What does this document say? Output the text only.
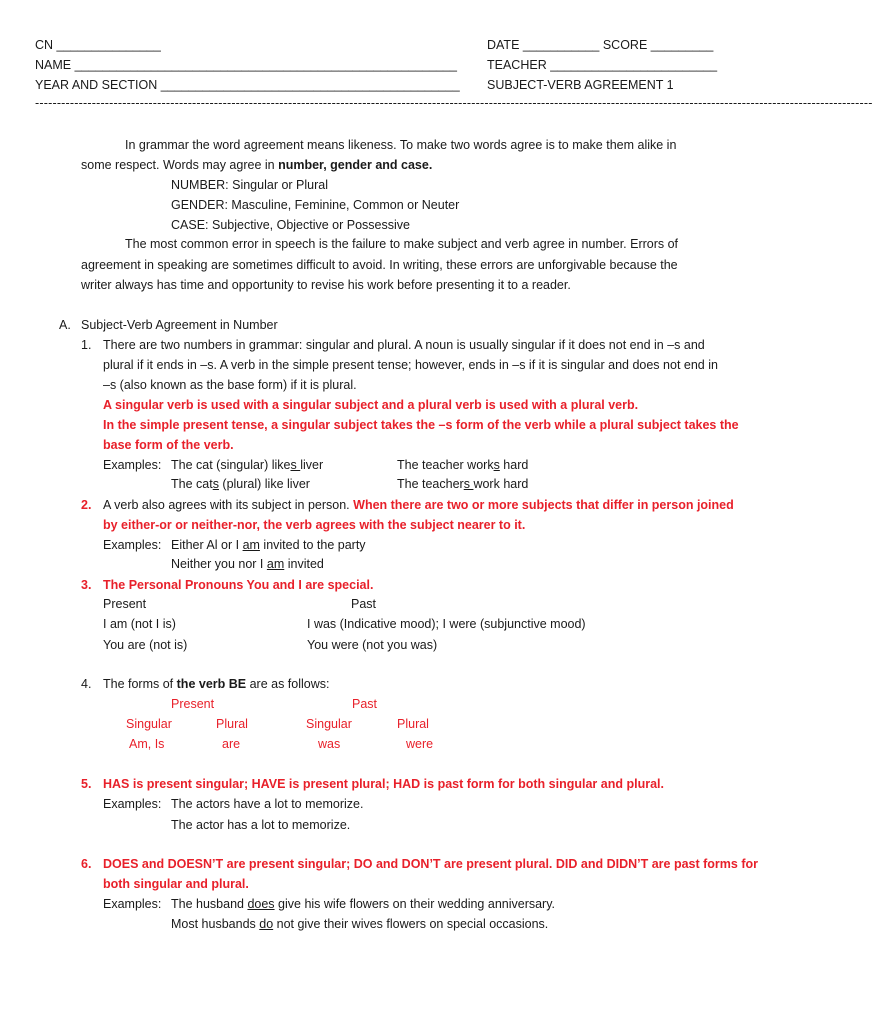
CN _______________
NAME _______________________________________________________
YEAR AND SECTION ___________________________________________
DATE ___________ SCORE _________
TEACHER ________________________
SUBJECT-VERB AGREEMENT 1
------------------------------------------------------------------------------------------------------------------------------------------------------------------------------------------------
In grammar the word agreement means likeness. To make two words agree is to make them alike in
some respect. Words may agree in number, gender and case.
NUMBER: Singular or Plural
GENDER: Masculine, Feminine, Common or Neuter
CASE: Subjective, Objective or Possessive
The most common error in speech is the failure to make subject and verb agree in number. Errors of
agreement in speaking are sometimes difficult to avoid. In writing, these errors are unforgivable because the
writer always has time and opportunity to revise his work before presenting it to a reader.
A. Subject-Verb Agreement in Number
1. There are two numbers in grammar: singular and plural. A noun is usually singular if it does not end in –s and
plural if it ends in –s. A verb in the simple present tense; however, ends in –s if it is singular and does not end in
–s (also known as the base form) if it is plural.
A singular verb is used with a singular subject and a plural verb is used with a plural verb.
In the simple present tense, a singular subject takes the –s form of the verb while a plural subject takes the
base form of the verb.
Examples: The cat (singular) likes liver	The teacher works hard
The cats (plural) like liver	The teachers work hard
2. A verb also agrees with its subject in person. When there are two or more subjects that differ in person joined
by either-or or neither-nor, the verb agrees with the subject nearer to it.
Examples: Either Al or I am invited to the party
Neither you nor I am invited
3. The Personal Pronouns You and I are special.
Present	Past
I am (not I is)	I was (Indicative mood); I were (subjunctive mood)
You are (not is)	You were (not you was)
4. The forms of the verb BE are as follows:
Present	Past
Singular	Plural	Singular	Plural
Am, Is	are	was	were
5. HAS is present singular; HAVE is present plural; HAD is past form for both singular and plural.
Examples: The actors have a lot to memorize.
The actor has a lot to memorize.
6. DOES and DOESN’T are present singular; DO and DON’T are present plural. DID and DIDN’T are past forms for
both singular and plural.
Examples: The husband does give his wife flowers on their wedding anniversary.
Most husbands do not give their wives flowers on special occasions.
